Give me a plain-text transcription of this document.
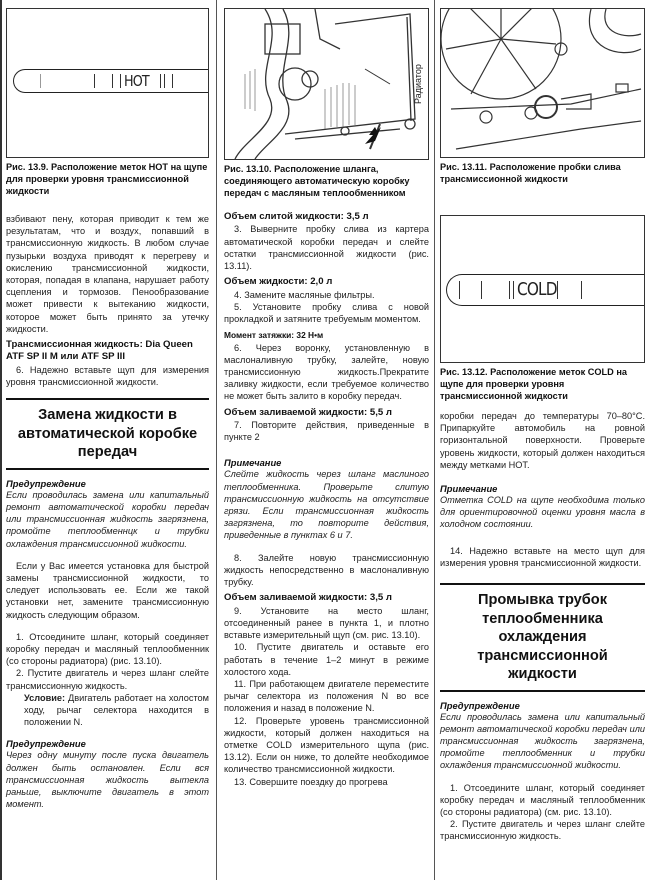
HOT
Рис. 13.9. Расположение меток HOT на щупе для проверки уровня трансмиссионной жидкости

взбивают пену, которая приводит к тем же результатам, что и воздух, попавший в трансмиссионную жидкость. В любом случае пузырьки воздуха приводят к перегреву и окислению трансмиссионной жидкости, которая, попадая в клапана, нарушает работу сцепления и тормозов. Пенообразование может привести к вытеканию жидкости, которое может быть принято за утечку жидкости.

Трансмиссионная жидкость: Dia Queen ATF SP II M или ATF SP III

6. Надежно вставьте щуп для измерения уровня трансмиссионной жидкости.

Замена жидкости в автоматической коробке передач
Предупреждение
Если проводилась замена или капитальный ремонт автоматической коробки передач или трансмиссионная жидкость загрязнена, промойте теплообменнцк и трубки охлаждения трансмиссионной жидкости.

Если у Вас имеется установка для быстрой замены трансмиссионной жидкости, то следует использовать ее. Если же такой установки нет, замените трансмиссионную жидкость следующим образом.

1. Отсоедините шланг, который соединяет коробку передач и масляный теплообменник (со стороны радиатора) (рис. 13.10).

2. Пустите двигатель и через шланг слейте трансмиссионную жидкость.

Условие: Двигатель работает на холостом ходу, рычаг селектора находится в положении N.

Предупреждение
Через одну минуту после пуска двигатель должен быть остановлен. Если вся трансмиссионная жидкость вытекла раньше, выключите двигатель в этот момент.
Радиатор
Рис. 13.10. Расположение шланга, соединяющего автоматическую коробку передач с масляным теплообменником
Объем слитой жидкости: 3,5 л

3. Выверните пробку слива из картера автоматической коробки передач и слейте остатки трансмиссионной жидкости (рис. 13.11).

Объем жидкости: 2,0 л

4. Замените масляные фильтры.

5. Установите пробку слива с новой прокладкой и затяните требуемым моментом.

Момент затяжки: 32 Н•м

6. Через воронку, установленную в маслоналивную трубку, залейте, новую трансмиссионную жидкость.Прекратите заливку жидкости, если требуемое количество не может быть залито в коробку передач.

Объем заливаемой жидкости: 5,5 л

7. Повторите действия, приведенные в пункте 2

Примечание
Слейте жидкость через шланг маслиного теплообменника. Проверьте слитую трансмиссионную жидкость на отсутствие грязи. Если трансмиссионная жидкость загрязнена, то повторите действия, приведенные в пунктах 6 и 7.

8. Залейте новую трансмиссионную жидкость непосредственно в маслоналивную трубку.

Объем заливаемой жидкости: 3,5 л

9. Установите на место шланг, отсоединенный ранее в пункта 1, и плотно вставьте измерительный щуп (см. рис. 13.10).

10. Пустите двигатель и оставьте его работать в течение 1–2 минут в режиме холостого хода.

11. При работающем двигателе переместите рычаг селектора из положения N во все положения и назад в положение N.

12. Проверьте уровень трансмиссионной жидкости, который должен находиться на отметке COLD измерительного щупа (рис. 13.12). Если он ниже, то долейте необходимое количество трансмиссионной жидкости.

13. Совершите поездку до прогрева

Рис. 13.11. Расположение пробки слива трансмиссионной жидкости
COLD
Рис. 13.12. Расположение меток COLD на щупе для проверки уровня трансмиссионной жидкости

коробки передач до температуры 70–80°С. Припаркуйте автомобиль на ровной горизонтальной поверхности. Проверьте уровень жидкости, который должен находиться между метками HOT.

Примечание
Отметка COLD на щупе необходима только для ориентировочной оценки уровня масла в холодном состоянии.

14. Надежно вставьте на место щуп для измерения уровня трансмиссионной жидкости.

Промывка трубок теплообменника охлаждения трансмиссионной жидкости
Предупреждение
Если проводилась замена или капитальный ремонт автоматической коробки передач или трансмиссионная жидкость загрязнена, промойте теплообменник и трубки охлаждения трансмиссионной жидкости.

1. Отсоедините шланг, который соединяет коробку передач и масляный теплообменник (со стороны радиатора) (см. рис. 13.10).

2. Пустите двигатель и через шланг слейте трансмиссионную жидкость.
